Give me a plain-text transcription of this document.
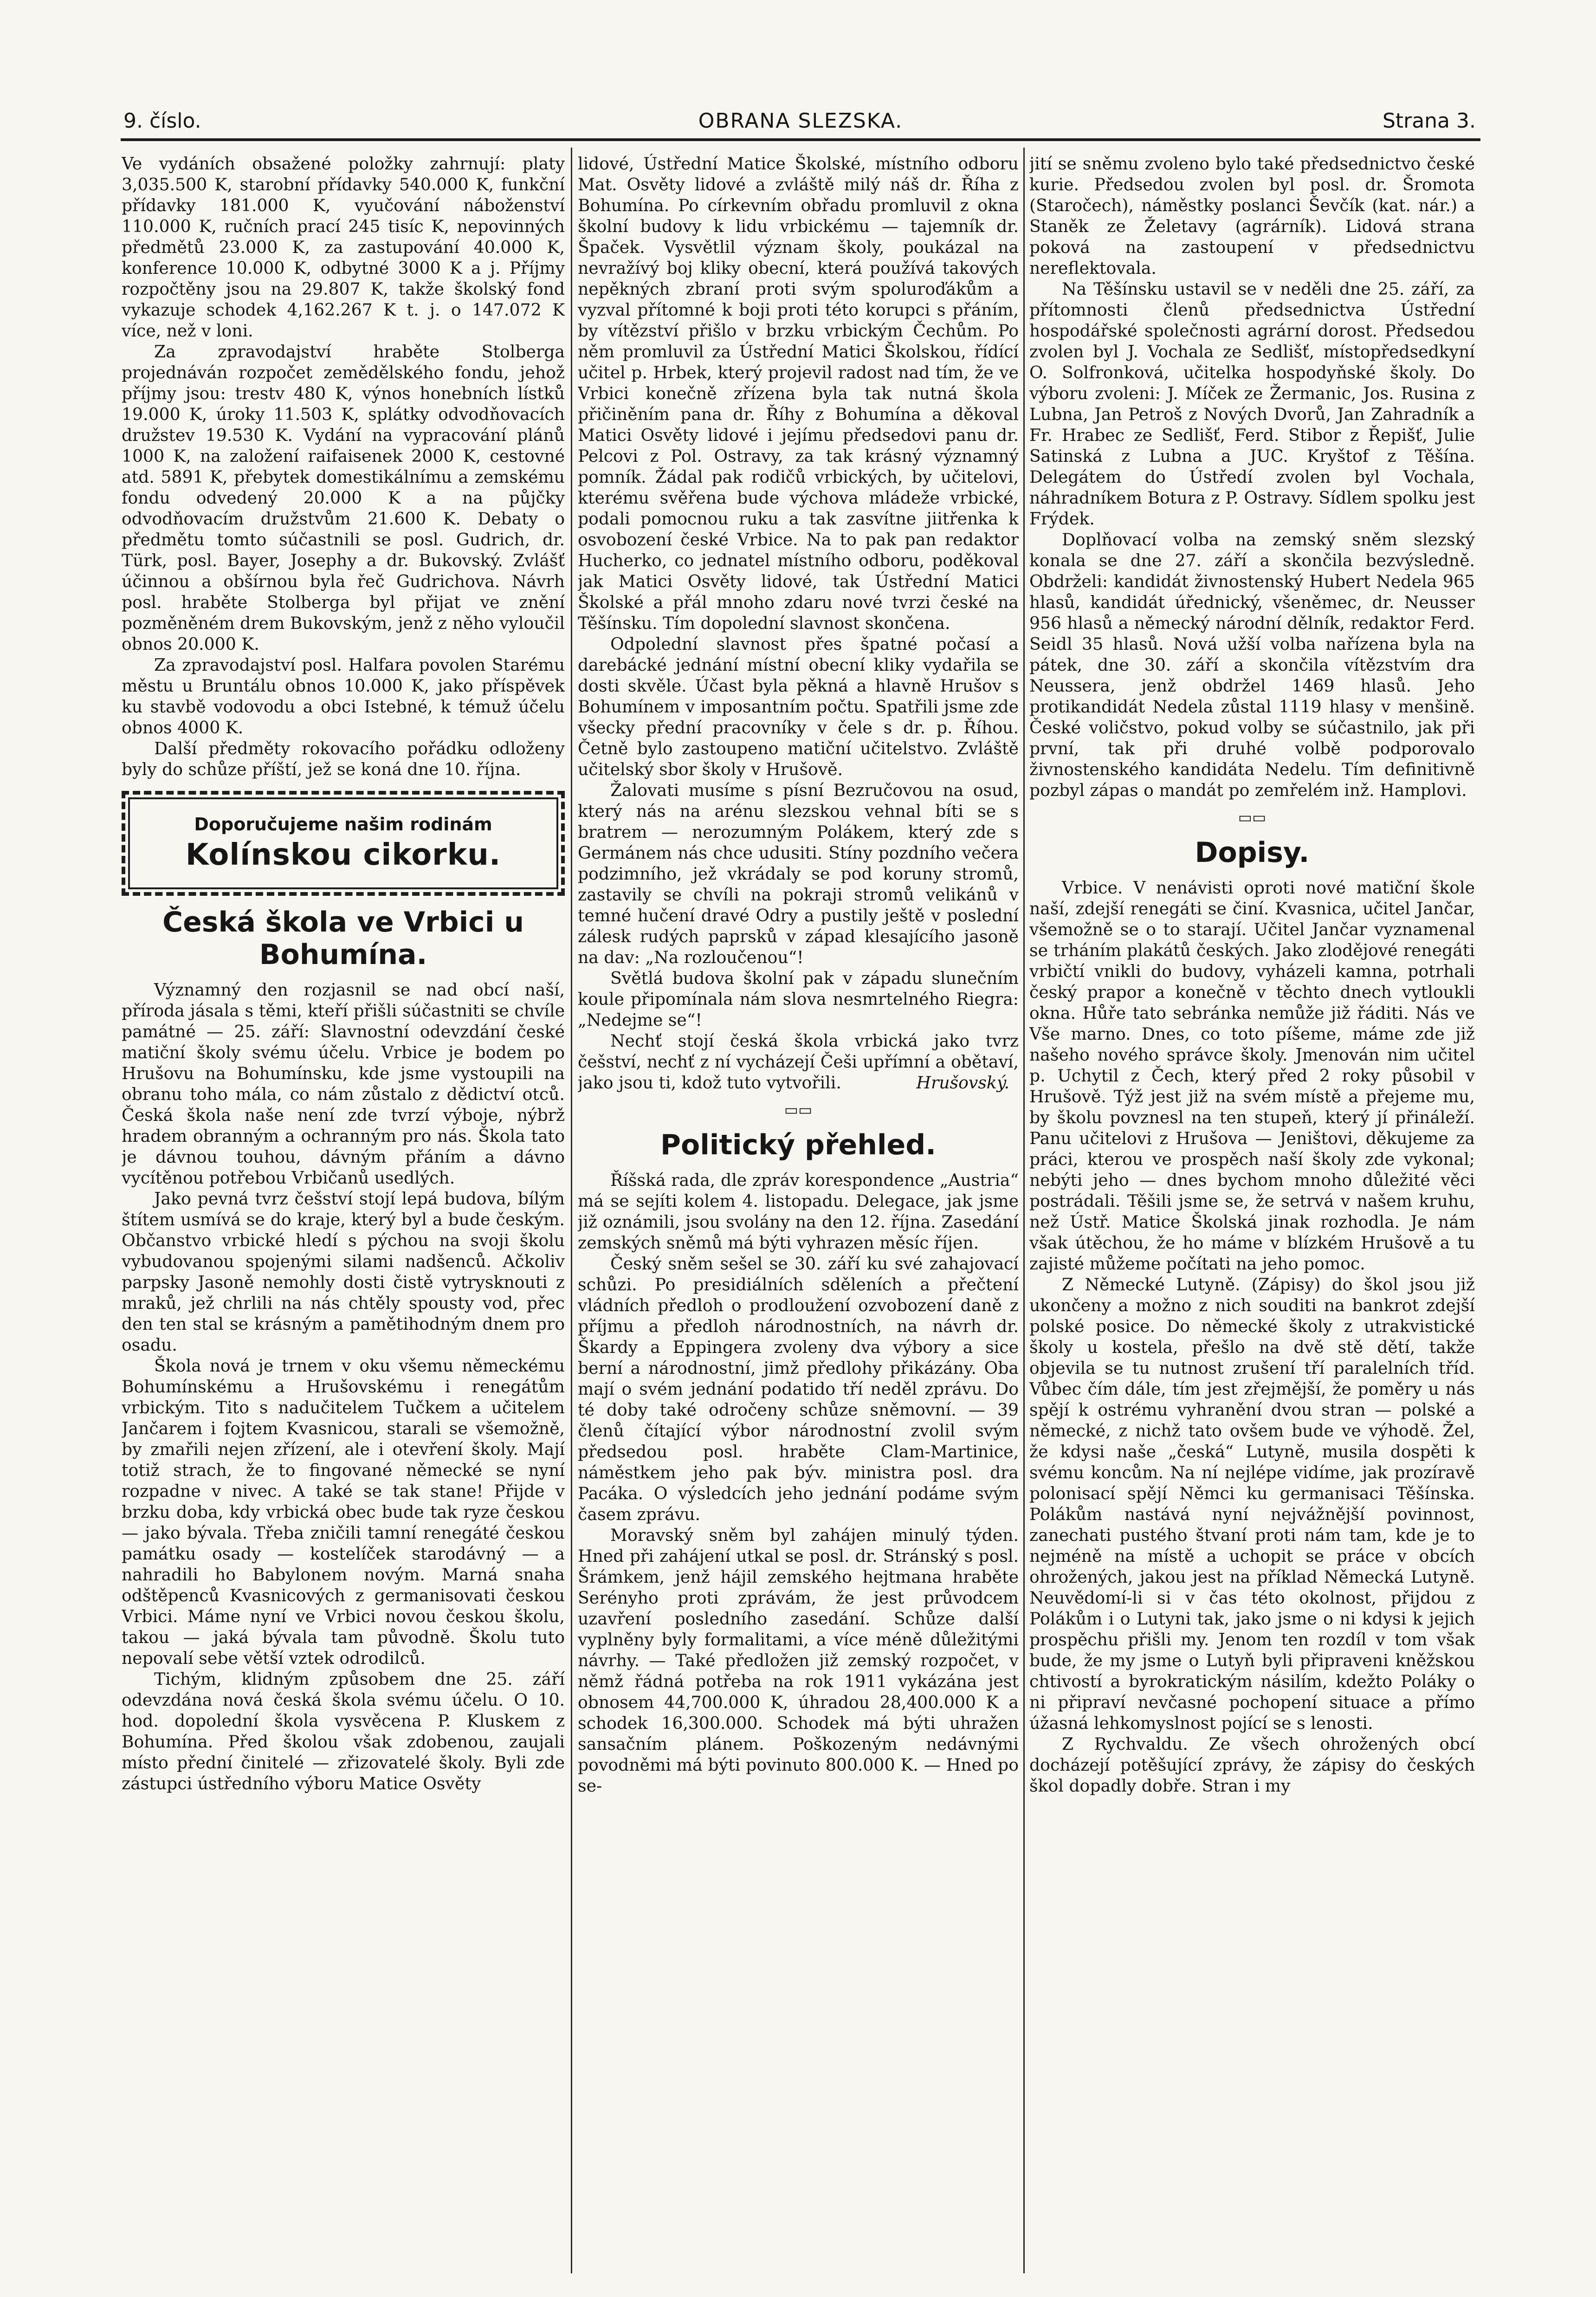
9. číslo.	OBRANA SLEZSKA.	Strana 3.

Ve vydáních obsažené položky zahrnují: platy 3,035.500 K, starobní přídavky 540.000 K, funkční přídavky 181.000 K, vyučování náboženství 110.000 K, ručních prací 245 tisíc K, nepovinných předmětů 23.000 K, za zastupování 40.000 K, konference 10.000 K, odbytné 3000 K a j. Příjmy rozpočtěny jsou na 29.807 K, takže školský fond vykazuje schodek 4,162.267 K t. j. o 147.072 K více, než v loni.

Za zpravodajství hraběte Stolberga projednáván rozpočet zemědělského fondu, jehož příjmy jsou: trestv 480 K, výnos honebních lístků 19.000 K, úroky 11.503 K, splátky odvodňovacích družstev 19.530 K. Vydání na vypracování plánů 1000 K, na založení raifaisenek 2000 K, cestovné atd. 5891 K, přebytek domestikálnímu a zemskému fondu odvedený 20.000 K a na půjčky odvodňovacím družstvům 21.600 K. Debaty o předmětu tomto súčastnili se posl. Gudrich, dr. Türk, posl. Bayer, Josephy a dr. Bukovský. Zvlášť účinnou a obšírnou byla řeč Gudrichova. Návrh posl. hraběte Stolberga byl přijat ve znění pozměněném drem Bukovským, jenž z něho vyloučil obnos 20.000 K.

Za zpravodajství posl. Halfara povolen Starému městu u Bruntálu obnos 10.000 K, jako příspěvek ku stavbě vodovodu a obci Istebné, k témuž účelu obnos 4000 K.

Další předměty rokovacího pořádku odloženy byly do schůze příští, jež se koná dne 10. října.

Doporučujeme našim rodinám
Kolínskou cikorku.
Česká škola ve Vrbici u Bohumína.

Významný den rozjasnil se nad obcí naší, příroda jásala s těmi, kteří přišli súčastniti se chvíle památné — 25. září: Slavnostní odevzdání české matiční školy svému účelu. Vrbice je bodem po Hrušovu na Bohumínsku, kde jsme vystoupili na obranu toho mála, co nám zůstalo z dědictví otců. Česká škola naše není zde tvrzí výboje, nýbrž hradem obranným a ochranným pro nás. Škola tato je dávnou touhou, dávným přáním a dávno vycítěnou potřebou Vrbičanů usedlých.

Jako pevná tvrz češství stojí lepá budova, bílým štítem usmívá se do kraje, který byl a bude českým. Občanstvo vrbické hledí s pýchou na svoji školu vybudovanou spojenými silami nadšenců. Ačkoliv parpsky Jasoně nemohly dosti čistě vytrysknouti z mraků, jež chrlili na nás chtěly spousty vod, přec den ten stal se krásným a pamětihodným dnem pro osadu.

Škola nová je trnem v oku všemu německému Bohumínskému a Hrušovskému i renegátům vrbickým. Tito s nadučitelem Tučkem a učitelem Jančarem i fojtem Kvasnicou, starali se všemožně, by zmařili nejen zřízení, ale i otevření školy. Mají totiž strach, že to fingované německé se nyní rozpadne v nivec. A také se tak stane! Přijde v brzku doba, kdy vrbická obec bude tak ryze českou — jako bývala. Třeba zničili tamní renegáté českou památku osady — kostelíček starodávný — a nahradili ho Babylonem novým. Marná snaha odštěpenců Kvasnicových z germanisovati českou Vrbici. Máme nyní ve Vrbici novou českou školu, takou — jaká bývala tam původně. Školu tuto nepovalí sebe větší vztek odrodilců.

Tichým, klidným způsobem dne 25. září odevzdána nová česká škola svému účelu. O 10. hod. dopolední škola vysvěcena P. Kluskem z Bohumína. Před školou však zdobenou, zaujali místo přední činitelé — zřizovatelé školy. Byli zde zástupci ústředního výboru Matice Osvěty

lidové, Ústřední Matice Školské, místního odboru Mat. Osvěty lidové a zvláště milý náš dr. Říha z Bohumína. Po církevním obřadu promluvil z okna školní budovy k lidu vrbickému — tajemník dr. Špaček. Vysvětlil význam školy, poukázal na nevražívý boj kliky obecní, která používá takových nepěkných zbraní proti svým spoluroďákům a vyzval přítomné k boji proti této korupci s přáním, by vítězství přišlo v brzku vrbickým Čechům. Po něm promluvil za Ústřední Matici Školskou, řídící učitel p. Hrbek, který projevil radost nad tím, že ve Vrbici konečně zřízena byla tak nutná škola přičiněním pana dr. Říhy z Bohumína a děkoval Matici Osvěty lidové i jejímu předsedovi panu dr. Pelcovi z Pol. Ostravy, za tak krásný významný pomník. Žádal pak rodičů vrbických, by učitelovi, kterému svěřena bude výchova mládeže vrbické, podali pomocnou ruku a tak zasvítne jiitřenka k osvobození české Vrbice. Na to pak pan redaktor Hucherko, co jednatel místního odboru, poděkoval jak Matici Osvěty lidové, tak Ústřední Matici Školské a přál mnoho zdaru nové tvrzi české na Těšínsku. Tím dopolední slavnost skončena.

Odpolední slavnost přes špatné počasí a darebácké jednání místní obecní kliky vydařila se dosti skvěle. Účast byla pěkná a hlavně Hrušov s Bohumínem v imposantním počtu. Spatřili jsme zde všecky přední pracovníky v čele s dr. p. Říhou. Četně bylo zastoupeno matiční učitelstvo. Zvláště učitelský sbor školy v Hrušově.

Žalovati musíme s písní Bezručovou na osud, který nás na arénu slezskou vehnal bíti se s bratrem — nerozumným Polákem, který zde s Germánem nás chce udusiti. Stíny pozdního večera podzimního, jež vkrádaly se pod koruny stromů, zastavily se chvíli na pokraji stromů velikánů v temné hučení dravé Odry a pustily ještě v poslední zálesk rudých paprsků v západ klesajícího jasoně na dav: „Na rozloučenou“!

Světlá budova školní pak v západu slunečním koule připomínala nám slova nesmrtelného Riegra: „Nedejme se“!

Nechť stojí česká škola vrbická jako tvrz češství, nechť z ní vycházejí Češi upřímní a obětaví, jako jsou ti, kdož tuto vytvořili.	Hrušovský.
▭▭
Politický přehled.

Říšská rada, dle zpráv korespondence „Austria“ má se sejíti kolem 4. listopadu. Delegace, jak jsme již oznámili, jsou svolány na den 12. října. Zasedání zemských sněmů má býti vyhrazen měsíc říjen.

Český sněm sešel se 30. září ku své zahajovací schůzi. Po presidiálních sděleních a přečtení vládních předloh o prodloužení ozvobození daně z příjmu a předloh národnostních, na návrh dr. Škardy a Eppingera zvoleny dva výbory a sice berní a národnostní, jimž předlohy přikázány. Oba mají o svém jednání podatido tří neděl zprávu. Do té doby také odročeny schůze sněmovní. — 39 členů čítající výbor národnostní zvolil svým předsedou posl. hraběte Clam-Martinice, náměstkem jeho pak býv. ministra posl. dra Pacáka. O výsledcích jeho jednání podáme svým časem zprávu.

Moravský sněm byl zahájen minulý týden. Hned při zahájení utkal se posl. dr. Stránský s posl. Šrámkem, jenž hájil zemského hejtmana hraběte Serényho proti zprávám, že jest průvodcem uzavření posledního zasedání. Schůze další vyplněny byly formalitami, a více méně důležitými návrhy. — Také předložen již zemský rozpočet, v němž řádná potřeba na rok 1911 vykázána jest obnosem 44,700.000 K, úhradou 28,400.000 K a schodek 16,300.000. Schodek má býti uhražen sansačním plánem. Poškozeným nedávnými povodněmi má býti povinuto 800.000 K. — Hned po se-

jití se sněmu zvoleno bylo také předsednictvo české kurie. Předsedou zvolen byl posl. dr. Šromota (Staročech), náměstky poslanci Ševčík (kat. nár.) a Staněk ze Želetavy (agrárník). Lidová strana poková na zastoupení v předsednictvu nereflektovala.

Na Těšínsku ustavil se v neděli dne 25. září, za přítomnosti členů předsednictva Ústřední hospodářské společnosti agrární dorost. Předsedou zvolen byl J. Vochala ze Sedlišť, místopředsedkyní O. Solfronková, učitelka hospodyňské školy. Do výboru zvoleni: J. Míček ze Žermanic, Jos. Rusina z Lubna, Jan Petroš z Nových Dvorů, Jan Zahradník a Fr. Hrabec ze Sedlišť, Ferd. Stibor z Řepišť, Julie Satinská z Lubna a JUC. Kryštof z Těšína. Delegátem do Ústředí zvolen byl Vochala, náhradníkem Botura z P. Ostravy. Sídlem spolku jest Frýdek.

Doplňovací volba na zemský sněm slezský konala se dne 27. září a skončila bezvýsledně. Obdrželi: kandidát živnostenský Hubert Nedela 965 hlasů, kandidát úřednický, všeněmec, dr. Neusser 956 hlasů a německý národní dělník, redaktor Ferd. Seidl 35 hlasů. Nová užší volba nařízena byla na pátek, dne 30. září a skončila vítězstvím dra Neussera, jenž obdržel 1469 hlasů. Jeho protikandidát Nedela zůstal 1119 hlasy v menšině. České voličstvo, pokud volby se súčastnilo, jak při první, tak při druhé volbě podporovalo živnostenského kandidáta Nedelu. Tím definitivně pozbyl zápas o mandát po zemřelém inž. Hamplovi.

▭▭
Dopisy.

Vrbice. V nenávisti oproti nové matiční škole naší, zdejší renegáti se činí. Kvasnica, učitel Jančar, všemožně se o to starají. Učitel Jančar vyznamenal se trháním plakátů českých. Jako zlodějové renegáti vrbičtí vnikli do budovy, vyházeli kamna, potrhali český prapor a konečně v těchto dnech vytloukli okna. Hůře tato sebránka nemůže již řáditi. Nás ve Vše marno. Dnes, co toto píšeme, máme zde již našeho nového správce školy. Jmenován nim učitel p. Uchytil z Čech, který před 2 roky působil v Hrušově. Týž jest již na svém místě a přejeme mu, by školu povznesl na ten stupeň, který jí přináleží. Panu učitelovi z Hrušova — Jeništovi, děkujeme za práci, kterou ve prospěch naší školy zde vykonal; nebýti jeho — dnes bychom mnoho důležité věci postrádali. Těšili jsme se, že setrvá v našem kruhu, než Ústř. Matice Školská jinak rozhodla. Je nám však útěchou, že ho máme v blízkém Hrušově a tu zajisté můžeme počítati na jeho pomoc.

Z Německé Lutyně. (Zápisy) do škol jsou již ukončeny a možno z nich souditi na bankrot zdejší polské posice. Do německé školy z utrakvistické školy u kostela, přešlo na dvě stě dětí, takže objevila se tu nutnost zrušení tří paralelních tříd. Vůbec čím dále, tím jest zřejmější, že poměry u nás spějí k ostrému vyhranění dvou stran — polské a německé, z nichž tato ovšem bude ve výhodě. Žel, že kdysi naše „česká“ Lutyně, musila dospěti k svému koncům. Na ní nejlépe vidíme, jak prozíravě polonisací spějí Němci ku germanisaci Těšínska. Polákům nastává nyní nejvážnější povinnost, zanechati pustého štvaní proti nám tam, kde je to nejméně na místě a uchopit se práce v obcích ohrožených, jakou jest na příklad Německá Lutyně. Neuvědomí-li si v čas této okolnost, přijdou z Polákům i o Lutyni tak, jako jsme o ni kdysi k jejich prospěchu přišli my. Jenom ten rozdíl v tom však bude, že my jsme o Lutyň byli připraveni kněžskou chtivostí a byrokratickým násilím, kdežto Poláky o ni připraví nevčasné pochopení situace a přímo úžasná lehkomyslnost pojící se s lenosti.

Z Rychvaldu. Ze všech ohrožených obcí docházejí potěšující zprávy, že zápisy do českých škol dopadly dobře. Stran i my
